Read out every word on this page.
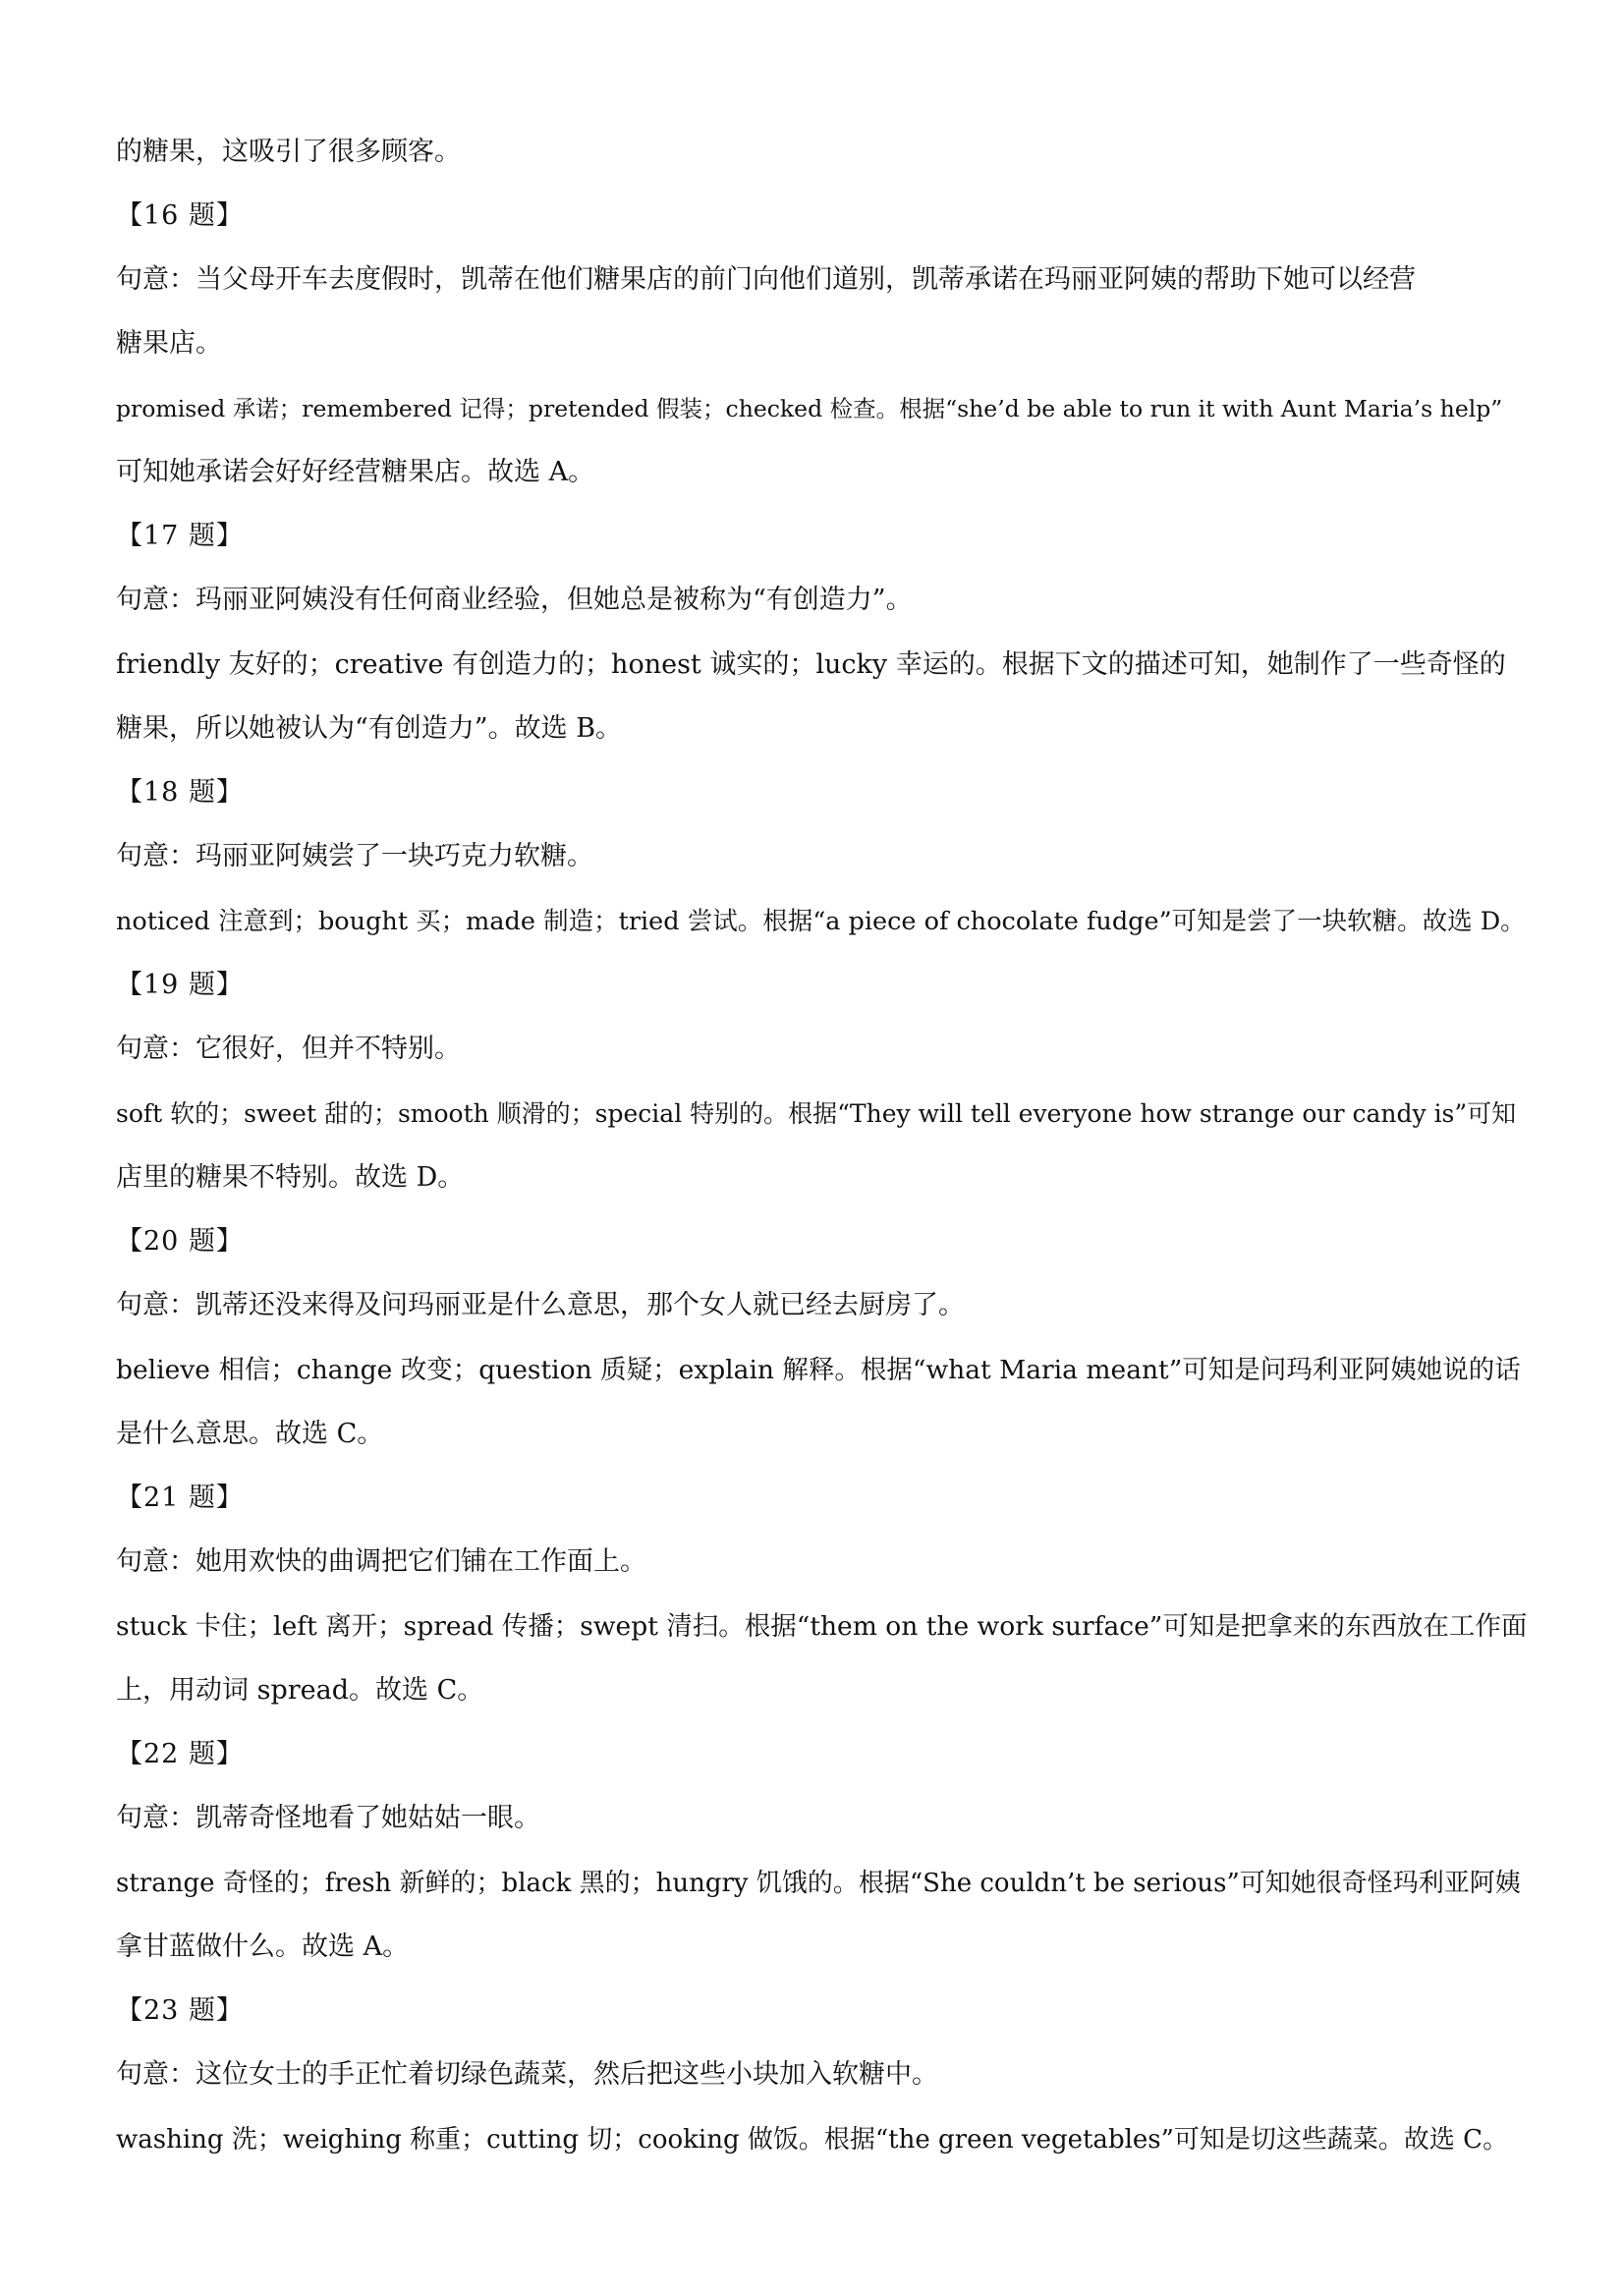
的糖果，这吸引了很多顾客。
【16 题】
句意：当父母开车去度假时，凯蒂在他们糖果店的前门向他们道别，凯蒂承诺在玛丽亚阿姨的帮助下她可以经营
糖果店。
promised 承诺；remembered 记得；pretended 假装；checked 检查。根据“she’d be able to run it with Aunt Maria’s help”
可知她承诺会好好经营糖果店。故选 A。
【17 题】
句意：玛丽亚阿姨没有任何商业经验，但她总是被称为“有创造力”。
friendly 友好的；creative 有创造力的；honest 诚实的；lucky 幸运的。根据下文的描述可知，她制作了一些奇怪的
糖果，所以她被认为“有创造力”。故选 B。
【18 题】
句意：玛丽亚阿姨尝了一块巧克力软糖。
noticed 注意到；bought 买；made 制造；tried 尝试。根据“a piece of chocolate fudge”可知是尝了一块软糖。故选 D。
【19 题】
句意：它很好，但并不特别。
soft 软的；sweet 甜的；smooth 顺滑的；special 特别的。根据“They will tell everyone how strange our candy is”可知
店里的糖果不特别。故选 D。
【20 题】
句意：凯蒂还没来得及问玛丽亚是什么意思，那个女人就已经去厨房了。
believe 相信；change 改变；question 质疑；explain 解释。根据“what Maria meant”可知是问玛利亚阿姨她说的话
是什么意思。故选 C。
【21 题】
句意：她用欢快的曲调把它们铺在工作面上。
stuck 卡住；left 离开；spread 传播；swept 清扫。根据“them on the work surface”可知是把拿来的东西放在工作面
上，用动词 spread。故选 C。
【22 题】
句意：凯蒂奇怪地看了她姑姑一眼。
strange 奇怪的；fresh 新鲜的；black 黑的；hungry 饥饿的。根据“She couldn’t be serious”可知她很奇怪玛利亚阿姨
拿甘蓝做什么。故选 A。
【23 题】
句意：这位女士的手正忙着切绿色蔬菜，然后把这些小块加入软糖中。
washing 洗；weighing 称重；cutting 切；cooking 做饭。根据“the green vegetables”可知是切这些蔬菜。故选 C。
